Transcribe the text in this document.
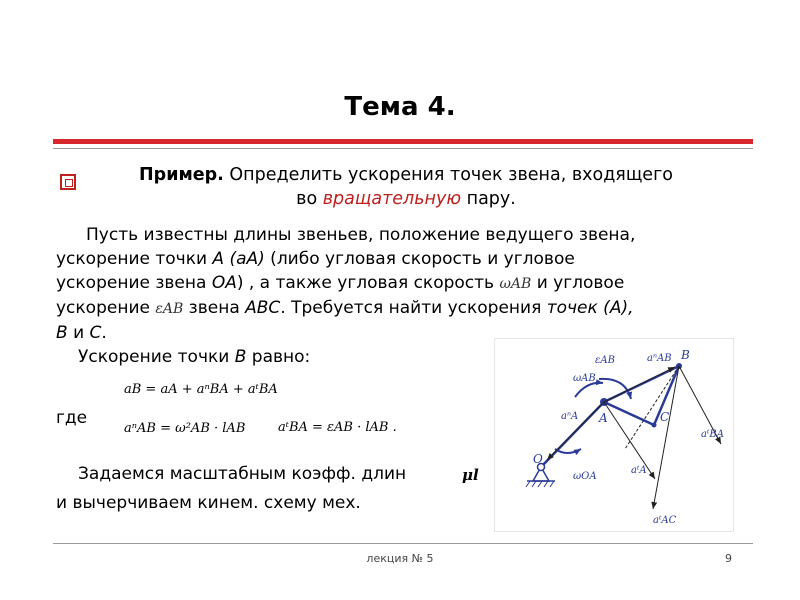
Тема 4.
Пример. Определить ускорения точек звена, входящего
во вращательную пару.
Пусть известны длины звеньев, положение ведущего звена,
ускорение точки A (aA) (либо угловая скорость и угловое
ускорение звена OA) , а также угловая скорость ωAB и угловое
ускорение εAB звена ABC. Требуется найти ускорения точек (А),
B и C.
Ускорение точки B равно:
aB = aA + aⁿBA + aᵗBA
где
aⁿAB = ω²AB · lAB	aᵗBA = εAB · lAB .
Задаемся масштабным коэфф. длин	μl
и вычерчиваем кинем. схему мех.
O
A
B
C
εAB
ωAB
ωOA
aⁿAB
aⁿA
aᵗA
aᵗBA
aᵗAC
лекция № 5	9
